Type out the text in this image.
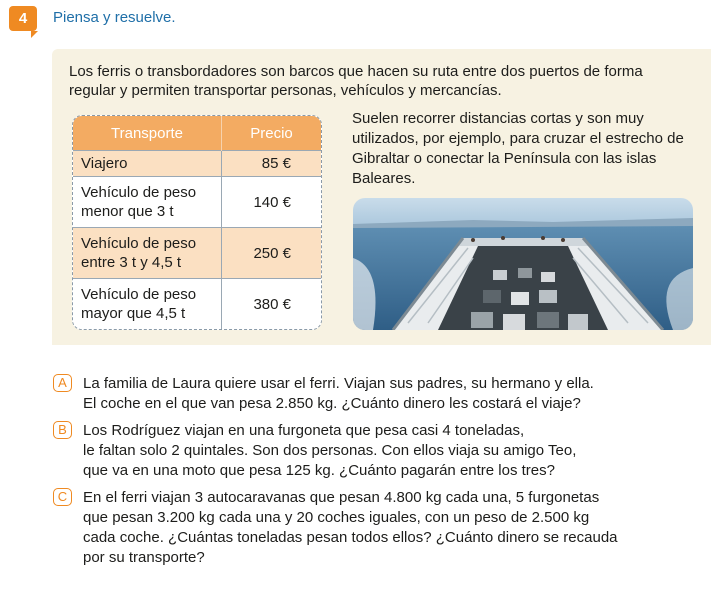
4	Piensa y resuelve.
Los ferris o transbordadores son barcos que hacen su ruta entre dos puertos de forma regular y permiten transportar personas, vehículos y mercancías.
Transporte	Precio
Viajero	85 €
Vehículo de peso menor que 3 t	140 €
Vehículo de peso entre 3 t y 4,5 t	250 €
Vehículo de peso mayor que 4,5 t	380 €
Suelen recorrer distancias cortas y son muy utilizados, por ejemplo, para cruzar el estrecho de Gibraltar o conectar la Península con las islas Baleares.
A	La familia de Laura quiere usar el ferri. Viajan sus padres, su hermano y ella.
El coche en el que van pesa 2.850 kg. ¿Cuánto dinero les costará el viaje?
B	Los Rodríguez viajan en una furgoneta que pesa casi 4 toneladas,
le faltan solo 2 quintales. Son dos personas. Con ellos viaja su amigo Teo,
que va en una moto que pesa 125 kg. ¿Cuánto pagarán entre los tres?
C	En el ferri viajan 3 autocaravanas que pesan 4.800 kg cada una, 5 furgonetas
que pesan 3.200 kg cada una y 20 coches iguales, con un peso de 2.500 kg
cada coche. ¿Cuántas toneladas pesan todos ellos? ¿Cuánto dinero se recauda
por su transporte?
